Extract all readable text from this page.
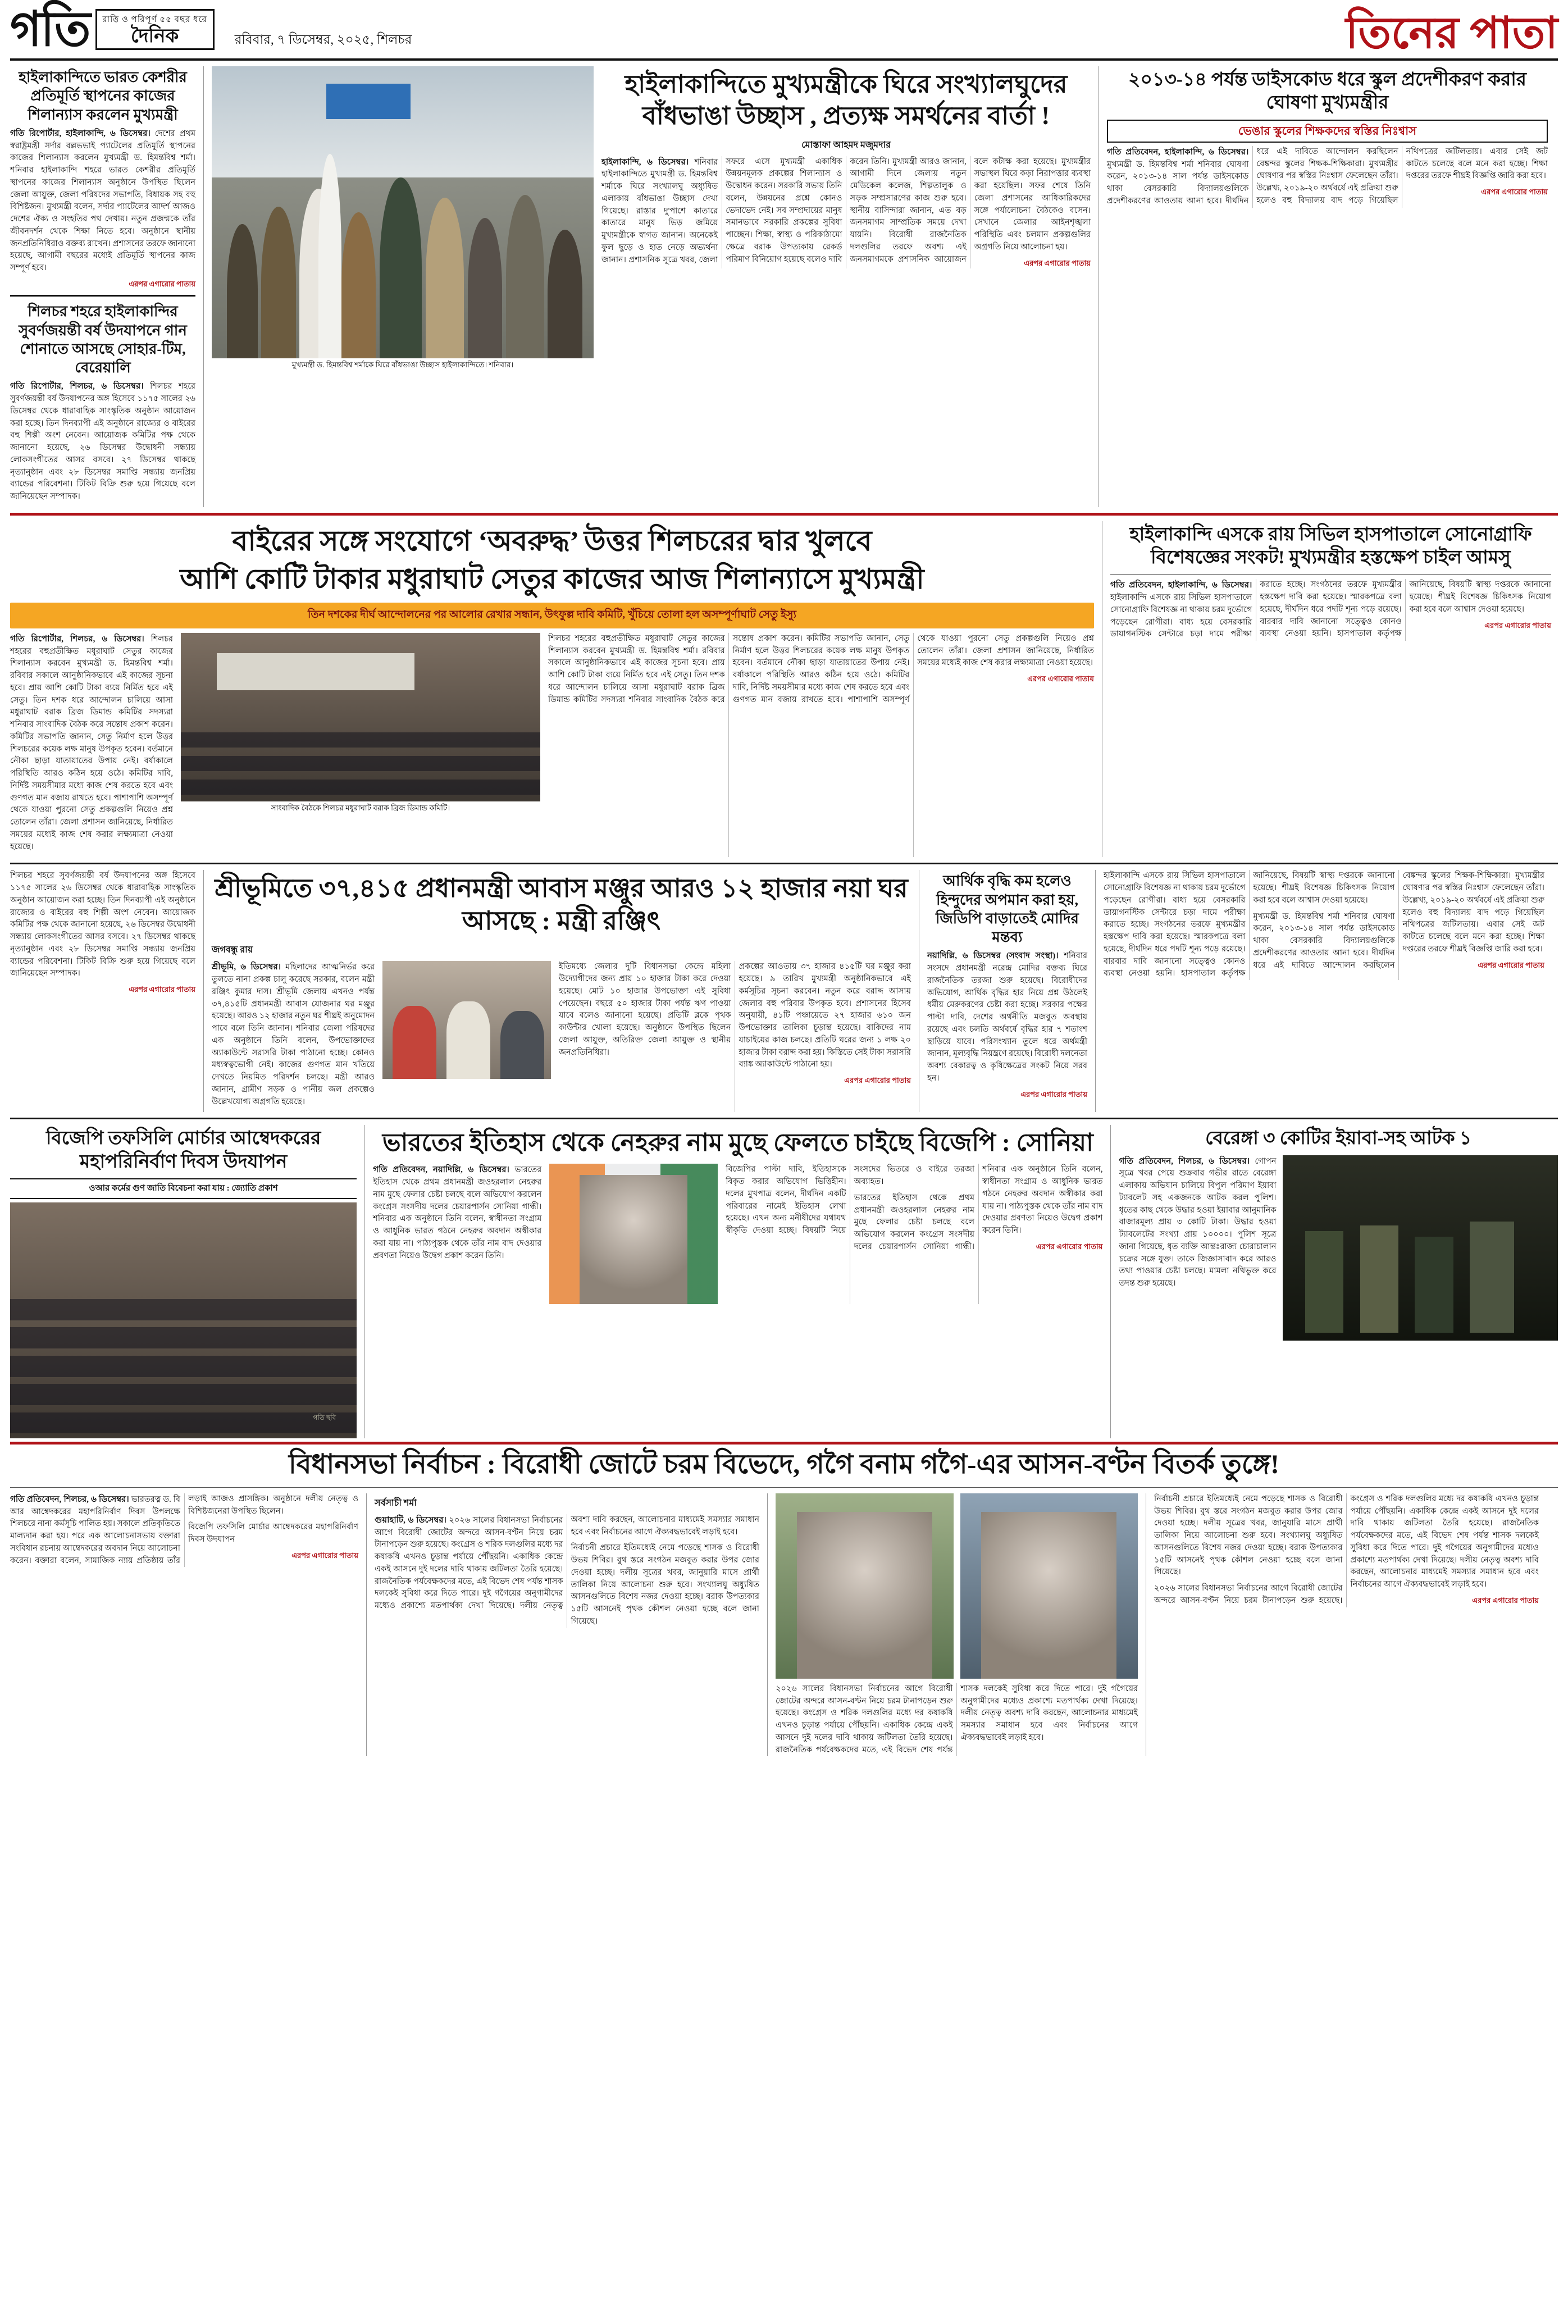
গতি রাত্তি ও পরিপূর্ণ ৫৫ বছর ধরে
দৈনিক	রবিবার, ৭ ডিসেম্বর, ২০২৫, শিলচর	তিনের পাতা
হাইলাকান্দিতে ভারত কেশরীর প্রতিমূর্তি স্থাপনের কাজের শিলান্যাস করলেন মুখ্যমন্ত্রী

গতি রিপোর্টার, হাইলাকান্দি, ৬ ডিসেম্বর। দেশের প্রথম স্বরাষ্ট্রমন্ত্রী সর্দার বল্লভভাই প্যাটেলের প্রতিমূর্তি স্থাপনের কাজের শিলান্যাস করলেন মুখ্যমন্ত্রী ড. হিমন্তবিশ্ব শর্মা। শনিবার হাইলাকান্দি শহরে ভারত কেশরীর প্রতিমূর্তি স্থাপনের কাজের শিলান্যাস অনুষ্ঠানে উপস্থিত ছিলেন জেলা আয়ুক্ত, জেলা পরিষদের সভাপতি, বিধায়ক সহ বহু বিশিষ্টজন। মুখ্যমন্ত্রী বলেন, সর্দার প্যাটেলের আদর্শ আজও দেশের ঐক্য ও সংহতির পথ দেখায়। নতুন প্রজন্মকে তাঁর জীবনদর্শন থেকে শিক্ষা নিতে হবে। অনুষ্ঠানে স্থানীয় জনপ্রতিনিধিরাও বক্তব্য রাখেন। প্রশাসনের তরফে জানানো হয়েছে, আগামী বছরের মধ্যেই প্রতিমূর্তি স্থাপনের কাজ সম্পূর্ণ হবে।

এরপর এগারোর পাতায়
শিলচর শহরে হাইলাকান্দির সুবর্ণজয়ন্তী বর্ষ উদযাপনে গান শোনাতে আসছে সোহার-টিম, বেরেয়ালি

গতি রিপোর্টার, শিলচর, ৬ ডিসেম্বর। শিলচর শহরে সুবর্ণজয়ন্তী বর্ষ উদযাপনের অঙ্গ হিসেবে ১১৭৫ সালের ২৬ ডিসেম্বর থেকে ধারাবাহিক সাংস্কৃতিক অনুষ্ঠান আয়োজন করা হচ্ছে। তিন দিনব্যাপী এই অনুষ্ঠানে রাজ্যের ও বাইরের বহু শিল্পী অংশ নেবেন। আয়োজক কমিটির পক্ষ থেকে জানানো হয়েছে, ২৬ ডিসেম্বর উদ্বোধনী সন্ধ্যায় লোকসংগীতের আসর বসবে। ২৭ ডিসেম্বর থাকছে নৃত্যানুষ্ঠান এবং ২৮ ডিসেম্বর সমাপ্তি সন্ধ্যায় জনপ্রিয় ব্যান্ডের পরিবেশনা। টিকিট বিক্রি শুরু হয়ে গিয়েছে বলে জানিয়েছেন সম্পাদক।

মুখ্যমন্ত্রী ড. হিমন্তবিশ্ব শর্মাকে ঘিরে বাঁধভাঙা উচ্ছাস হাইলাকান্দিতে। শনিবার।
হাইলাকান্দিতে মুখ্যমন্ত্রীকে ঘিরে সংখ্যালঘুদের বাঁধভাঙা উচ্ছাস , প্রত্যক্ষ সমর্থনের বার্তা !
মোস্তাফা আহমদ মজুমদার

হাইলাকান্দি, ৬ ডিসেম্বর। শনিবার হাইলাকান্দিতে মুখ্যমন্ত্রী ড. হিমন্তবিশ্ব শর্মাকে ঘিরে সংখ্যালঘু অধ্যুষিত এলাকায় বাঁধভাঙা উচ্ছাস দেখা গিয়েছে। রাস্তার দু'পাশে কাতারে কাতারে মানুষ ভিড় জমিয়ে মুখ্যমন্ত্রীকে স্বাগত জানান। অনেকেই ফুল ছুড়ে ও হাত নেড়ে অভ্যর্থনা জানান। প্রশাসনিক সূত্রে খবর, জেলা সফরে এসে মুখ্যমন্ত্রী একাধিক উন্নয়নমূলক প্রকল্পের শিলান্যাস ও উদ্বোধন করেন। সরকারি সভায় তিনি বলেন, উন্নয়নের প্রশ্নে কোনও ভেদাভেদ নেই। সব সম্প্রদায়ের মানুষ সমানভাবে সরকারি প্রকল্পের সুবিধা পাচ্ছেন। শিক্ষা, স্বাস্থ্য ও পরিকাঠামো ক্ষেত্রে বরাক উপত্যকায় রেকর্ড পরিমাণ বিনিয়োগ হয়েছে বলেও দাবি করেন তিনি। মুখ্যমন্ত্রী আরও জানান, আগামী দিনে জেলায় নতুন মেডিকেল কলেজ, শিল্পতালুক ও সড়ক সম্প্রসারণের কাজ শুরু হবে। স্থানীয় বাসিন্দারা জানান, এত বড় জনসমাগম সাম্প্রতিক সময়ে দেখা যায়নি। বিরোধী রাজনৈতিক দলগুলির তরফে অবশ্য এই জনসমাগমকে প্রশাসনিক আয়োজন বলে কটাক্ষ করা হয়েছে। মুখ্যমন্ত্রীর সভাস্থল ঘিরে কড়া নিরাপত্তার ব্যবস্থা করা হয়েছিল। সফর শেষে তিনি জেলা প্রশাসনের আধিকারিকদের সঙ্গে পর্যালোচনা বৈঠকেও বসেন। সেখানে জেলার আইনশৃঙ্খলা পরিস্থিতি এবং চলমান প্রকল্পগুলির অগ্রগতি নিয়ে আলোচনা হয়।

এরপর এগারোর পাতায়
২০১৩-১৪ পর্যন্ত ডাইসকোড ধরে স্কুল প্রদেশীকরণ করার ঘোষণা মুখ্যমন্ত্রীর
ভেঙার স্কুলের শিক্ষকদের স্বস্তির নিঃশ্বাস

গতি প্রতিবেদন, হাইলাকান্দি, ৬ ডিসেম্বর। মুখ্যমন্ত্রী ড. হিমন্তবিশ্ব শর্মা শনিবার ঘোষণা করেন, ২০১৩-১৪ সাল পর্যন্ত ডাইসকোড থাকা বেসরকারি বিদ্যালয়গুলিকে প্রদেশীকরণের আওতায় আনা হবে। দীর্ঘদিন ধরে এই দাবিতে আন্দোলন করছিলেন বেঙ্কন্দর স্কুলের শিক্ষক-শিক্ষিকারা। মুখ্যমন্ত্রীর ঘোষণার পর স্বস্তির নিঃশ্বাস ফেলেছেন তাঁরা। উল্লেখ্য, ২০১৯-২০ অর্থবর্ষে এই প্রক্রিয়া শুরু হলেও বহু বিদ্যালয় বাদ পড়ে গিয়েছিল নথিপত্রের জটিলতায়। এবার সেই জট কাটতে চলেছে বলে মনে করা হচ্ছে। শিক্ষা দপ্তরের তরফে শীঘ্রই বিজ্ঞপ্তি জারি করা হবে।

এরপর এগারোর পাতায়
বাইরের সঙ্গে সংযোগে ‘অবরুদ্ধ’ উত্তর শিলচরের দ্বার খুলবে
আশি কোটি টাকার মধুরাঘাট সেতুর কাজের আজ শিলান্যাসে মুখ্যমন্ত্রী
তিন দশকের দীর্ঘ আন্দোলনের পর আলোর রেখার সন্ধান, উৎফুল্ল দাবি কমিটি, খুঁচিয়ে তোলা হল অসম্পূর্ণাঘাট সেতু ইস্যু

গতি রিপোর্টার, শিলচর, ৬ ডিসেম্বর। শিলচর শহরের বহুপ্রতীক্ষিত মধুরাঘাট সেতুর কাজের শিলান্যাস করবেন মুখ্যমন্ত্রী ড. হিমন্তবিশ্ব শর্মা। রবিবার সকালে আনুষ্ঠানিকভাবে এই কাজের সূচনা হবে। প্রায় আশি কোটি টাকা ব্যয়ে নির্মিত হবে এই সেতু। তিন দশক ধরে আন্দোলন চালিয়ে আসা মধুরাঘাট বরাক ব্রিজ ডিমান্ড কমিটির সদস্যরা শনিবার সাংবাদিক বৈঠক করে সন্তোষ প্রকাশ করেন। কমিটির সভাপতি জানান, সেতু নির্মাণ হলে উত্তর শিলচরের কয়েক লক্ষ মানুষ উপকৃত হবেন। বর্তমানে নৌকা ছাড়া যাতায়াতের উপায় নেই। বর্ষাকালে পরিস্থিতি আরও কঠিন হয়ে ওঠে। কমিটির দাবি, নির্দিষ্ট সময়সীমার মধ্যে কাজ শেষ করতে হবে এবং গুণগত মান বজায় রাখতে হবে। পাশাপাশি অসম্পূর্ণ থেকে যাওয়া পুরনো সেতু প্রকল্পগুলি নিয়েও প্রশ্ন তোলেন তাঁরা। জেলা প্রশাসন জানিয়েছে, নির্ধারিত সময়ের মধ্যেই কাজ শেষ করার লক্ষ্যমাত্রা নেওয়া হয়েছে।

সাংবাদিক বৈঠকে শিলচর মধুরাঘাট বরাক ব্রিজ ডিমান্ড কমিটি।

শিলচর শহরের বহুপ্রতীক্ষিত মধুরাঘাট সেতুর কাজের শিলান্যাস করবেন মুখ্যমন্ত্রী ড. হিমন্তবিশ্ব শর্মা। রবিবার সকালে আনুষ্ঠানিকভাবে এই কাজের সূচনা হবে। প্রায় আশি কোটি টাকা ব্যয়ে নির্মিত হবে এই সেতু। তিন দশক ধরে আন্দোলন চালিয়ে আসা মধুরাঘাট বরাক ব্রিজ ডিমান্ড কমিটির সদস্যরা শনিবার সাংবাদিক বৈঠক করে সন্তোষ প্রকাশ করেন। কমিটির সভাপতি জানান, সেতু নির্মাণ হলে উত্তর শিলচরের কয়েক লক্ষ মানুষ উপকৃত হবেন। বর্তমানে নৌকা ছাড়া যাতায়াতের উপায় নেই। বর্ষাকালে পরিস্থিতি আরও কঠিন হয়ে ওঠে। কমিটির দাবি, নির্দিষ্ট সময়সীমার মধ্যে কাজ শেষ করতে হবে এবং গুণগত মান বজায় রাখতে হবে। পাশাপাশি অসম্পূর্ণ থেকে যাওয়া পুরনো সেতু প্রকল্পগুলি নিয়েও প্রশ্ন তোলেন তাঁরা। জেলা প্রশাসন জানিয়েছে, নির্ধারিত সময়ের মধ্যেই কাজ শেষ করার লক্ষ্যমাত্রা নেওয়া হয়েছে।

এরপর এগারোর পাতায়
হাইলাকান্দি এসকে রায় সিভিল হাসপাতালে সোনোগ্রাফি বিশেষজ্ঞের সংকট! মুখ্যমন্ত্রীর হস্তক্ষেপ চাইল আমসু

গতি প্রতিবেদন, হাইলাকান্দি, ৬ ডিসেম্বর। হাইলাকান্দি এসকে রায় সিভিল হাসপাতালে সোনোগ্রাফি বিশেষজ্ঞ না থাকায় চরম দুর্ভোগে পড়েছেন রোগীরা। বাধ্য হয়ে বেসরকারি ডায়াগনস্টিক সেন্টারে চড়া দামে পরীক্ষা করাতে হচ্ছে। সংগঠনের তরফে মুখ্যমন্ত্রীর হস্তক্ষেপ দাবি করা হয়েছে। স্মারকপত্রে বলা হয়েছে, দীর্ঘদিন ধরে পদটি শূন্য পড়ে রয়েছে। বারবার দাবি জানানো সত্ত্বেও কোনও ব্যবস্থা নেওয়া হয়নি। হাসপাতাল কর্তৃপক্ষ জানিয়েছে, বিষয়টি স্বাস্থ্য দপ্তরকে জানানো হয়েছে। শীঘ্রই বিশেষজ্ঞ চিকিৎসক নিয়োগ করা হবে বলে আশ্বাস দেওয়া হয়েছে।

এরপর এগারোর পাতায়

শিলচর শহরে সুবর্ণজয়ন্তী বর্ষ উদযাপনের অঙ্গ হিসেবে ১১৭৫ সালের ২৬ ডিসেম্বর থেকে ধারাবাহিক সাংস্কৃতিক অনুষ্ঠান আয়োজন করা হচ্ছে। তিন দিনব্যাপী এই অনুষ্ঠানে রাজ্যের ও বাইরের বহু শিল্পী অংশ নেবেন। আয়োজক কমিটির পক্ষ থেকে জানানো হয়েছে, ২৬ ডিসেম্বর উদ্বোধনী সন্ধ্যায় লোকসংগীতের আসর বসবে। ২৭ ডিসেম্বর থাকছে নৃত্যানুষ্ঠান এবং ২৮ ডিসেম্বর সমাপ্তি সন্ধ্যায় জনপ্রিয় ব্যান্ডের পরিবেশনা। টিকিট বিক্রি শুরু হয়ে গিয়েছে বলে জানিয়েছেন সম্পাদক।

এরপর এগারোর পাতায়
শ্রীভূমিতে ৩৭,৪১৫ প্রধানমন্ত্রী আবাস মঞ্জুর আরও ১২ হাজার নয়া ঘর আসছে : মন্ত্রী রঞ্জিৎ
জগবন্ধু রায়

শ্রীভূমি, ৬ ডিসেম্বর। মহিলাদের আত্মনির্ভর করে তুলতে নানা প্রকল্প চালু করেছে সরকার, বলেন মন্ত্রী রঞ্জিৎ কুমার দাস। শ্রীভূমি জেলায় এখনও পর্যন্ত ৩৭,৪১৫টি প্রধানমন্ত্রী আবাস যোজনার ঘর মঞ্জুর হয়েছে। আরও ১২ হাজার নতুন ঘর শীঘ্রই অনুমোদন পাবে বলে তিনি জানান। শনিবার জেলা পরিষদের এক অনুষ্ঠানে তিনি বলেন, উপভোক্তাদের অ্যাকাউন্টে সরাসরি টাকা পাঠানো হচ্ছে। কোনও মধ্যস্বত্বভোগী নেই। কাজের গুণগত মান খতিয়ে দেখতে নিয়মিত পরিদর্শন চলছে। মন্ত্রী আরও জানান, গ্রামীণ সড়ক ও পানীয় জল প্রকল্পেও উল্লেখযোগ্য অগ্রগতি হয়েছে।

ইতিমধ্যে জেলার দুটি বিধানসভা কেন্দ্রে মহিলা উদ্যোগীদের জন্য প্রায় ১০ হাজার টাকা করে দেওয়া হয়েছে। মোট ১০ হাজার উপভোক্তা এই সুবিধা পেয়েছেন। বছরে ৫০ হাজার টাকা পর্যন্ত ঋণ পাওয়া যাবে বলেও জানানো হয়েছে। প্রতিটি ব্লকে পৃথক কাউন্টার খোলা হয়েছে। অনুষ্ঠানে উপস্থিত ছিলেন জেলা আয়ুক্ত, অতিরিক্ত জেলা আয়ুক্ত ও স্থানীয় জনপ্রতিনিধিরা।

প্রকল্পের আওতায় ৩৭ হাজার ৪১৫টি ঘর মঞ্জুর করা হয়েছে। ৯ তারিখ মুখ্যমন্ত্রী অনুষ্ঠানিকভাবে এই কর্মসূচির সূচনা করবেন। নতুন করে বরাদ্দ আসায় জেলার বহু পরিবার উপকৃত হবে। প্রশাসনের হিসেব অনুযায়ী, ৪১টি পঞ্চায়েতে ২৭ হাজার ৬১০ জন উপভোক্তার তালিকা চূড়ান্ত হয়েছে। বাকিদের নাম যাচাইয়ের কাজ চলছে। প্রতিটি ঘরের জন্য ১ লক্ষ ২০ হাজার টাকা বরাদ্দ করা হয়। কিস্তিতে সেই টাকা সরাসরি ব্যাঙ্ক অ্যাকাউন্টে পাঠানো হয়।

এরপর এগারোর পাতায়
আর্থিক বৃদ্ধি কম হলেও হিন্দুদের অপমান করা হয়, জিডিপি বাড়াতেই মোদির মন্তব্য

নয়াদিল্লি, ৬ ডিসেম্বর (সংবাদ সংস্থা)। শনিবার সংসদে প্রধানমন্ত্রী নরেন্দ্র মোদির বক্তব্য ঘিরে রাজনৈতিক তরজা শুরু হয়েছে। বিরোধীদের অভিযোগ, আর্থিক বৃদ্ধির হার নিয়ে প্রশ্ন উঠলেই ধর্মীয় মেরুকরণের চেষ্টা করা হচ্ছে। সরকার পক্ষের পাল্টা দাবি, দেশের অর্থনীতি মজবুত অবস্থায় রয়েছে এবং চলতি অর্থবর্ষে বৃদ্ধির হার ৭ শতাংশ ছাড়িয়ে যাবে। পরিসংখ্যান তুলে ধরে অর্থমন্ত্রী জানান, মূল্যবৃদ্ধি নিয়ন্ত্রণে রয়েছে। বিরোধী দলনেতা অবশ্য বেকারত্ব ও কৃষিক্ষেত্রের সংকট নিয়ে সরব হন।

এরপর এগারোর পাতায়

হাইলাকান্দি এসকে রায় সিভিল হাসপাতালে সোনোগ্রাফি বিশেষজ্ঞ না থাকায় চরম দুর্ভোগে পড়েছেন রোগীরা। বাধ্য হয়ে বেসরকারি ডায়াগনস্টিক সেন্টারে চড়া দামে পরীক্ষা করাতে হচ্ছে। সংগঠনের তরফে মুখ্যমন্ত্রীর হস্তক্ষেপ দাবি করা হয়েছে। স্মারকপত্রে বলা হয়েছে, দীর্ঘদিন ধরে পদটি শূন্য পড়ে রয়েছে। বারবার দাবি জানানো সত্ত্বেও কোনও ব্যবস্থা নেওয়া হয়নি। হাসপাতাল কর্তৃপক্ষ জানিয়েছে, বিষয়টি স্বাস্থ্য দপ্তরকে জানানো হয়েছে। শীঘ্রই বিশেষজ্ঞ চিকিৎসক নিয়োগ করা হবে বলে আশ্বাস দেওয়া হয়েছে।

মুখ্যমন্ত্রী ড. হিমন্তবিশ্ব শর্মা শনিবার ঘোষণা করেন, ২০১৩-১৪ সাল পর্যন্ত ডাইসকোড থাকা বেসরকারি বিদ্যালয়গুলিকে প্রদেশীকরণের আওতায় আনা হবে। দীর্ঘদিন ধরে এই দাবিতে আন্দোলন করছিলেন বেঙ্কন্দর স্কুলের শিক্ষক-শিক্ষিকারা। মুখ্যমন্ত্রীর ঘোষণার পর স্বস্তির নিঃশ্বাস ফেলেছেন তাঁরা। উল্লেখ্য, ২০১৯-২০ অর্থবর্ষে এই প্রক্রিয়া শুরু হলেও বহু বিদ্যালয় বাদ পড়ে গিয়েছিল নথিপত্রের জটিলতায়। এবার সেই জট কাটতে চলেছে বলে মনে করা হচ্ছে। শিক্ষা দপ্তরের তরফে শীঘ্রই বিজ্ঞপ্তি জারি করা হবে।

এরপর এগারোর পাতায়
বিজেপি তফসিলি মোর্চার আম্বেদকরের মহাপরিনির্বাণ দিবস উদযাপন
ওআর কর্মের গুণ জাতি বিবেচনা করা যায় : জ্যোতি প্রকাশ
গতি ছবি
ভারতের ইতিহাস থেকে নেহরুর নাম মুছে ফেলতে চাইছে বিজেপি : সোনিয়া

গতি প্রতিবেদন, নয়াদিল্লি, ৬ ডিসেম্বর। ভারতের ইতিহাস থেকে প্রথম প্রধানমন্ত্রী জওহরলাল নেহরুর নাম মুছে ফেলার চেষ্টা চলছে বলে অভিযোগ করলেন কংগ্রেস সংসদীয় দলের চেয়ারপার্সন সোনিয়া গান্ধী। শনিবার এক অনুষ্ঠানে তিনি বলেন, স্বাধীনতা সংগ্রাম ও আধুনিক ভারত গঠনে নেহরুর অবদান অস্বীকার করা যায় না। পাঠ্যপুস্তক থেকে তাঁর নাম বাদ দেওয়ার প্রবণতা নিয়েও উদ্বেগ প্রকাশ করেন তিনি।

বিজেপির পাল্টা দাবি, ইতিহাসকে বিকৃত করার অভিযোগ ভিত্তিহীন। দলের মুখপাত্র বলেন, দীর্ঘদিন একটি পরিবারের নামেই ইতিহাস লেখা হয়েছে। এখন অন্য মনীষীদের যথাযথ স্বীকৃতি দেওয়া হচ্ছে। বিষয়টি নিয়ে সংসদের ভিতরে ও বাইরে তরজা অব্যাহত।

ভারতের ইতিহাস থেকে প্রথম প্রধানমন্ত্রী জওহরলাল নেহরুর নাম মুছে ফেলার চেষ্টা চলছে বলে অভিযোগ করলেন কংগ্রেস সংসদীয় দলের চেয়ারপার্সন সোনিয়া গান্ধী। শনিবার এক অনুষ্ঠানে তিনি বলেন, স্বাধীনতা সংগ্রাম ও আধুনিক ভারত গঠনে নেহরুর অবদান অস্বীকার করা যায় না। পাঠ্যপুস্তক থেকে তাঁর নাম বাদ দেওয়ার প্রবণতা নিয়েও উদ্বেগ প্রকাশ করেন তিনি।

এরপর এগারোর পাতায়
বেরেঙ্গা ৩ কোটির ইয়াবা-সহ আটক ১

গতি প্রতিবেদন, শিলচর, ৬ ডিসেম্বর। গোপন সূত্রে খবর পেয়ে শুক্রবার গভীর রাতে বেরেঙ্গা এলাকায় অভিযান চালিয়ে বিপুল পরিমাণ ইয়াবা ট্যাবলেট সহ একজনকে আটক করল পুলিশ। ধৃতের কাছ থেকে উদ্ধার হওয়া ইয়াবার আনুমানিক বাজারমূল্য প্রায় ৩ কোটি টাকা। উদ্ধার হওয়া ট্যাবলেটের সংখ্যা প্রায় ১০০০০। পুলিশ সূত্রে জানা গিয়েছে, ধৃত ব্যক্তি আন্তঃরাজ্য চোরাচালান চক্রের সঙ্গে যুক্ত। তাকে জিজ্ঞাসাবাদ করে আরও তথ্য পাওয়ার চেষ্টা চলছে। মামলা নথিভুক্ত করে তদন্ত শুরু হয়েছে।

বিধানসভা নির্বাচন : বিরোধী জোটে চরম বিভেদে, গগৈ বনাম গগৈ-এর আসন-বণ্টন বিতর্ক তুঙ্গে!

গতি প্রতিবেদন, শিলচর, ৬ ডিসেম্বর। ভারতরত্ন ড. বি আর আম্বেদকরের মহাপরিনির্বাণ দিবস উপলক্ষে শিলচরে নানা কর্মসূচি পালিত হয়। সকালে প্রতিকৃতিতে মাল্যদান করা হয়। পরে এক আলোচনাসভায় বক্তারা সংবিধান রচনায় আম্বেদকরের অবদান নিয়ে আলোচনা করেন। বক্তারা বলেন, সামাজিক ন্যায় প্রতিষ্ঠায় তাঁর লড়াই আজও প্রাসঙ্গিক। অনুষ্ঠানে দলীয় নেতৃত্ব ও বিশিষ্টজনেরা উপস্থিত ছিলেন।

বিজেপি তফসিলি মোর্চার আম্বেদকরের মহাপরিনির্বাণ দিবস উদযাপন

এরপর এগারোর পাতায়
সর্বসাচী শর্মা

গুয়াহাটি, ৬ ডিসেম্বর। ২০২৬ সালের বিধানসভা নির্বাচনের আগে বিরোধী জোটের অন্দরে আসন-বণ্টন নিয়ে চরম টানাপড়েন শুরু হয়েছে। কংগ্রেস ও শরিক দলগুলির মধ্যে দর কষাকষি এখনও চূড়ান্ত পর্যায়ে পৌঁছয়নি। একাধিক কেন্দ্রে একই আসনে দুই দলের দাবি থাকায় জটিলতা তৈরি হয়েছে। রাজনৈতিক পর্যবেক্ষকদের মতে, এই বিভেদ শেষ পর্যন্ত শাসক দলকেই সুবিধা করে দিতে পারে। দুই গগৈয়ের অনুগামীদের মধ্যেও প্রকাশ্যে মতপার্থক্য দেখা দিয়েছে। দলীয় নেতৃত্ব অবশ্য দাবি করছেন, আলোচনার মাধ্যমেই সমস্যার সমাধান হবে এবং নির্বাচনের আগে ঐক্যবদ্ধভাবেই লড়াই হবে।

নির্বাচনী প্রচারে ইতিমধ্যেই নেমে পড়েছে শাসক ও বিরোধী উভয় শিবির। বুথ স্তরে সংগঠন মজবুত করার উপর জোর দেওয়া হচ্ছে। দলীয় সূত্রের খবর, জানুয়ারি মাসে প্রার্থী তালিকা নিয়ে আলোচনা শুরু হবে। সংখ্যালঘু অধ্যুষিত আসনগুলিতে বিশেষ নজর দেওয়া হচ্ছে। বরাক উপত্যকার ১৫টি আসনেই পৃথক কৌশল নেওয়া হচ্ছে বলে জানা গিয়েছে।

২০২৬ সালের বিধানসভা নির্বাচনের আগে বিরোধী জোটের অন্দরে আসন-বণ্টন নিয়ে চরম টানাপড়েন শুরু হয়েছে। কংগ্রেস ও শরিক দলগুলির মধ্যে দর কষাকষি এখনও চূড়ান্ত পর্যায়ে পৌঁছয়নি। একাধিক কেন্দ্রে একই আসনে দুই দলের দাবি থাকায় জটিলতা তৈরি হয়েছে। রাজনৈতিক পর্যবেক্ষকদের মতে, এই বিভেদ শেষ পর্যন্ত শাসক দলকেই সুবিধা করে দিতে পারে। দুই গগৈয়ের অনুগামীদের মধ্যেও প্রকাশ্যে মতপার্থক্য দেখা দিয়েছে। দলীয় নেতৃত্ব অবশ্য দাবি করছেন, আলোচনার মাধ্যমেই সমস্যার সমাধান হবে এবং নির্বাচনের আগে ঐক্যবদ্ধভাবেই লড়াই হবে।

নির্বাচনী প্রচারে ইতিমধ্যেই নেমে পড়েছে শাসক ও বিরোধী উভয় শিবির। বুথ স্তরে সংগঠন মজবুত করার উপর জোর দেওয়া হচ্ছে। দলীয় সূত্রের খবর, জানুয়ারি মাসে প্রার্থী তালিকা নিয়ে আলোচনা শুরু হবে। সংখ্যালঘু অধ্যুষিত আসনগুলিতে বিশেষ নজর দেওয়া হচ্ছে। বরাক উপত্যকার ১৫টি আসনেই পৃথক কৌশল নেওয়া হচ্ছে বলে জানা গিয়েছে।

২০২৬ সালের বিধানসভা নির্বাচনের আগে বিরোধী জোটের অন্দরে আসন-বণ্টন নিয়ে চরম টানাপড়েন শুরু হয়েছে। কংগ্রেস ও শরিক দলগুলির মধ্যে দর কষাকষি এখনও চূড়ান্ত পর্যায়ে পৌঁছয়নি। একাধিক কেন্দ্রে একই আসনে দুই দলের দাবি থাকায় জটিলতা তৈরি হয়েছে। রাজনৈতিক পর্যবেক্ষকদের মতে, এই বিভেদ শেষ পর্যন্ত শাসক দলকেই সুবিধা করে দিতে পারে। দুই গগৈয়ের অনুগামীদের মধ্যেও প্রকাশ্যে মতপার্থক্য দেখা দিয়েছে। দলীয় নেতৃত্ব অবশ্য দাবি করছেন, আলোচনার মাধ্যমেই সমস্যার সমাধান হবে এবং নির্বাচনের আগে ঐক্যবদ্ধভাবেই লড়াই হবে।

এরপর এগারোর পাতায়
